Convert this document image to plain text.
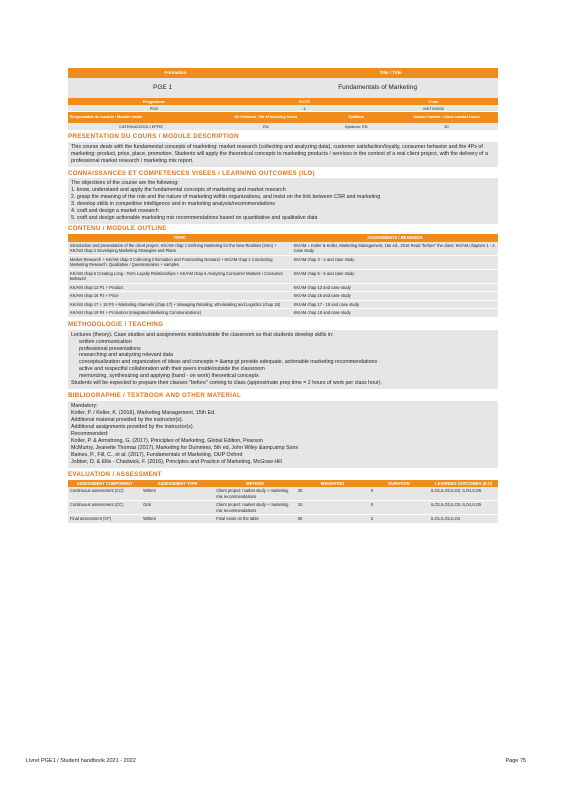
Formation	Title / Title
PGE 1	Fundamentals of Marketing
Programme	ECTS	Code
PGE	4	MKTG0006
Responsable du module / Module leader	Nb d'heures / Nb of teaching hours	Syllabus	Volume horaire / Class contact hours
CATEHIAZZOGLI EFFIE	EN	Syllabus: EN	30
PRESENTATION DU COURS / MODULE DESCRIPTION

This course deals with the fundamental concepts of marketing: market research (collecting and analyzing data), customer satisfaction/loyalty, consumer behavior and the 4Ps of marketing: product, price, place, promotion. Students will apply the theoretical concepts to marketing products / services in the context of a real client project, with the delivery of a professional market research / marketing mix report.

CONNAISSANCES ET COMPETENCES VISEES / LEARNING OUTCOMES (ILO)

The objectives of the course are the following:

1. know, understand and apply the fundamental concepts of marketing and market research

2. grasp the meaning of the role and the nature of marketing within organizations, and insist on the link between CSR and marketing

3. develop skills in competitive intelligence and in marketing analysis/recommendations

4. craft and design a market research

5. craft and design actionable marketing mix recommendations based on quantitative and qualitative data

CONTENU / MODULE OUTLINE
TOPIC	ASSIGNMENTS / READINGS
Introduction and presentation of the client project. KK/AM chap 1 Defining Marketing for the New Realities (intro) + KK/AM chap 2 Developing Marketing Strategies and Plans	KK/AM = Kotler & Keller, Marketing Management, 15e ed., 2016 Read "before" the class: KK/AM chapters 1 - 2. Case study
Market Research + KK/AM chap 3 Collecting Information and Forecasting Demand + KK/AM chap 4 Conducting Marketing Research. Qualitative / Questionnaires + samples	KK/AM chap 3 - 4 and case study
KK/AM chap 5 Creating Long - Term Loyalty Relationships + KK/AM chap 6 Analyzing Consumer Markets / Consumer Behavior	KK/AM chap 5 - 6 and case study
KK/AM chap 13 P1 + Product	KK/AM chap 13 and case study
KK/AM chap 16 P2 + Price	KK/AM chap 16 and case study
KK/AM chap 17 + 18 P3 + Marketing channels (chap 17) + Managing Retailing, Wholesaling and Logistics (chap 18)	KK/AM chap 17 - 18 and case study
KK/AM chap 19 P4 + Promotion (Integrated Marketing Communications)	KK/AM chap 19 and case study
METHODOLOGIE / TEACHING

Lectures (theory). Case studies and assignments inside/outside the classroom so that students develop skills in:

written communication

professional presentations

researching and analyzing relevant data

conceptualization and organization of ideas and concepts = &amp;gt provide adequate, actionable marketing recommendations

active and respectful collaboration with their peers inside/outside the classroom

memorizing, synthesizing and applying (hand - on work) theoretical concepts

Students will be expected to prepare their classes "before" coming to class (approximate prep time = 2 hours of work per class hour).

BIBLIOGRAPHIE / TEXTBOOK AND OTHER MATERIAL

Mandatory:

Kotler, P. / Keller, K. (2016), Marketing Management, 15th Ed.

Additional material provided by the instructor(s).

Additional assignments provided by the instructor(s).

Recommended:

Kotler, P. & Armstrong, G. (2017), Principles of Marketing, Global Edition, Pearson

McMurtry, Jeanette Thomas (2017), Marketing for Dummies, 5th ed, John Wiley &amp;amp Sons

Baines, P., Fill, C., et al. (2017), Fundamentals of Marketing, OUP Oxford

Jobber, D. & Ellis - Chadwick, F. (2016), Principles and Practice of Marketing, McGraw Hill

EVALUATION / ASSESSMENT
ASSESSMENT COMPONENT	ASSESSMENT TYPE	METHOD	WEIGHTING	DURATION	LEARNING OUTCOMES (ILO)
Continuous assessment (CC)	Written	Client project: market study + marketing mix recommendations	30	0	ILO1,ILO2,ILO3, ILO4,ILO5
Continuous assessment (CC)	Oral	Client project: market study + marketing mix recommendations	10	0	ILO1,ILO2,ILO3, ILO4,ILO5
Final assessment (CF)	Written	Final exam on the table	60	2	ILO1,ILO2,ILO4
Livret PGE1 / Student handbook 2021 - 2022	Page 75
